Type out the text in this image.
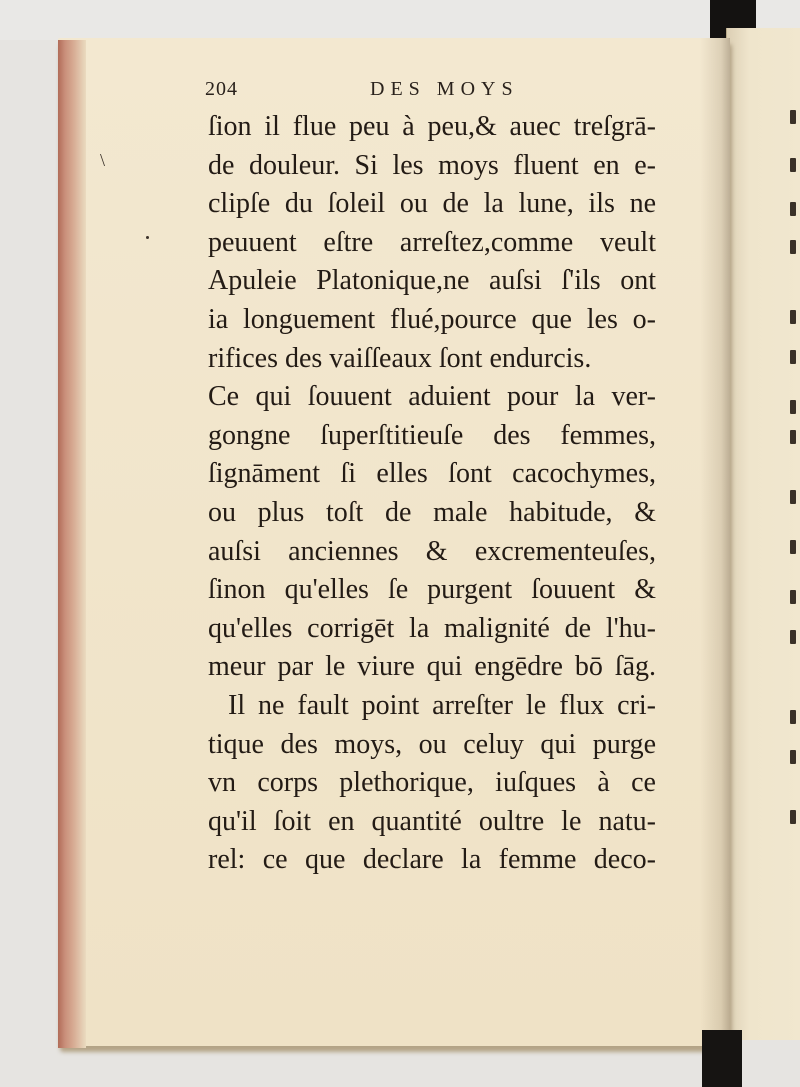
\
204	DES MOYS
ſion il flue peu à peu,& auec treſgrā-
de douleur. Si les moys fluent en e-
clipſe du ſoleil ou de la lune, ils ne
peuuent eſtre arreſtez,comme veult
Apuleie Platonique,ne auſsi ſ'ils ont
ia longuement flué,pource que les o-
rifices des vaiſſeaux ſont endurcis.
Ce qui ſouuent aduient pour la ver-
gongne ſuperſtitieuſe des femmes,
ſignāment ſi elles ſont cacochymes,
ou plus toſt de male habitude, &
auſsi anciennes & excrementeuſes,
ſinon qu'elles ſe purgent ſouuent &
qu'elles corrigēt la malignité de l'hu-
meur par le viure qui engēdre bō ſāg.
Il ne fault point arreſter le flux cri-
tique des moys, ou celuy qui purge
vn corps plethorique, iuſques à ce
qu'il ſoit en quantité oultre le natu-
rel: ce que declare la femme deco-
